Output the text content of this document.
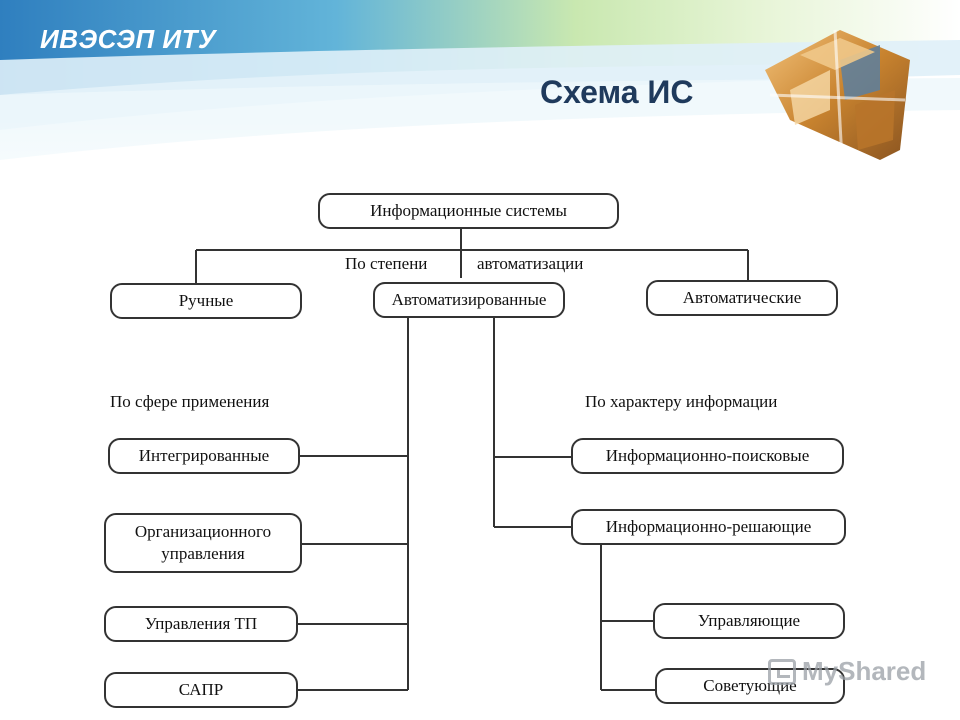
ИВЭСЭП ИТУ
Схема ИС
Информационные системы
По степени	автоматизации
Ручные	Автоматизированные	Автоматические
По сфере применения	По характеру информации
Интегрированные
Организационного
управления
Управления ТП
САПР
Информационно-поисковые
Информационно-решающие
Управляющие
Советующие MyShared
